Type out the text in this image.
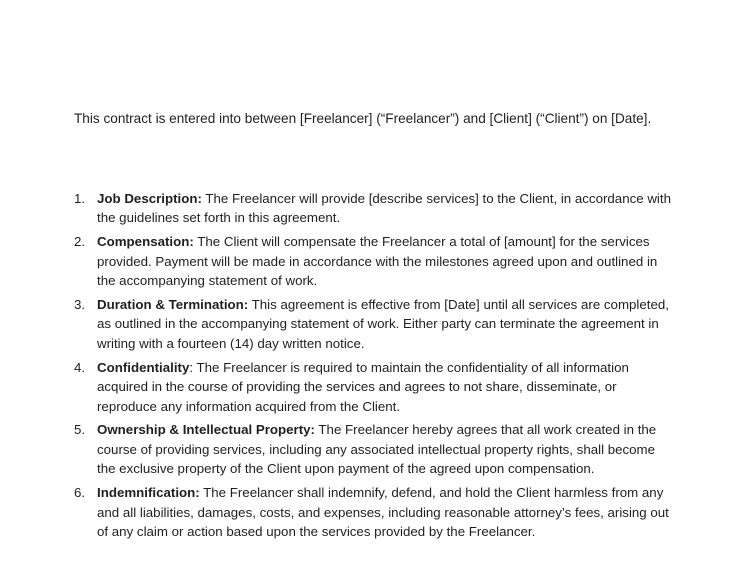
This contract is entered into between [Freelancer] (“Freelancer”) and [Client] (“Client”) on [Date].

1. Job Description: The Freelancer will provide [describe services] to the Client, in accordance with the guidelines set forth in this agreement.
2. Compensation: The Client will compensate the Freelancer a total of [amount] for the services provided. Payment will be made in accordance with the milestones agreed upon and outlined in the accompanying statement of work.
3. Duration & Termination: This agreement is effective from [Date] until all services are completed, as outlined in the accompanying statement of work. Either party can terminate the agreement in writing with a fourteen (14) day written notice.
4. Confidentiality: The Freelancer is required to maintain the confidentiality of all information acquired in the course of providing the services and agrees to not share, disseminate, or reproduce any information acquired from the Client.
5. Ownership & Intellectual Property: The Freelancer hereby agrees that all work created in the course of providing services, including any associated intellectual property rights, shall become the exclusive property of the Client upon payment of the agreed upon compensation.
6. Indemnification: The Freelancer shall indemnify, defend, and hold the Client harmless from any and all liabilities, damages, costs, and expenses, including reasonable attorney’s fees, arising out of any claim or action based upon the services provided by the Freelancer.
